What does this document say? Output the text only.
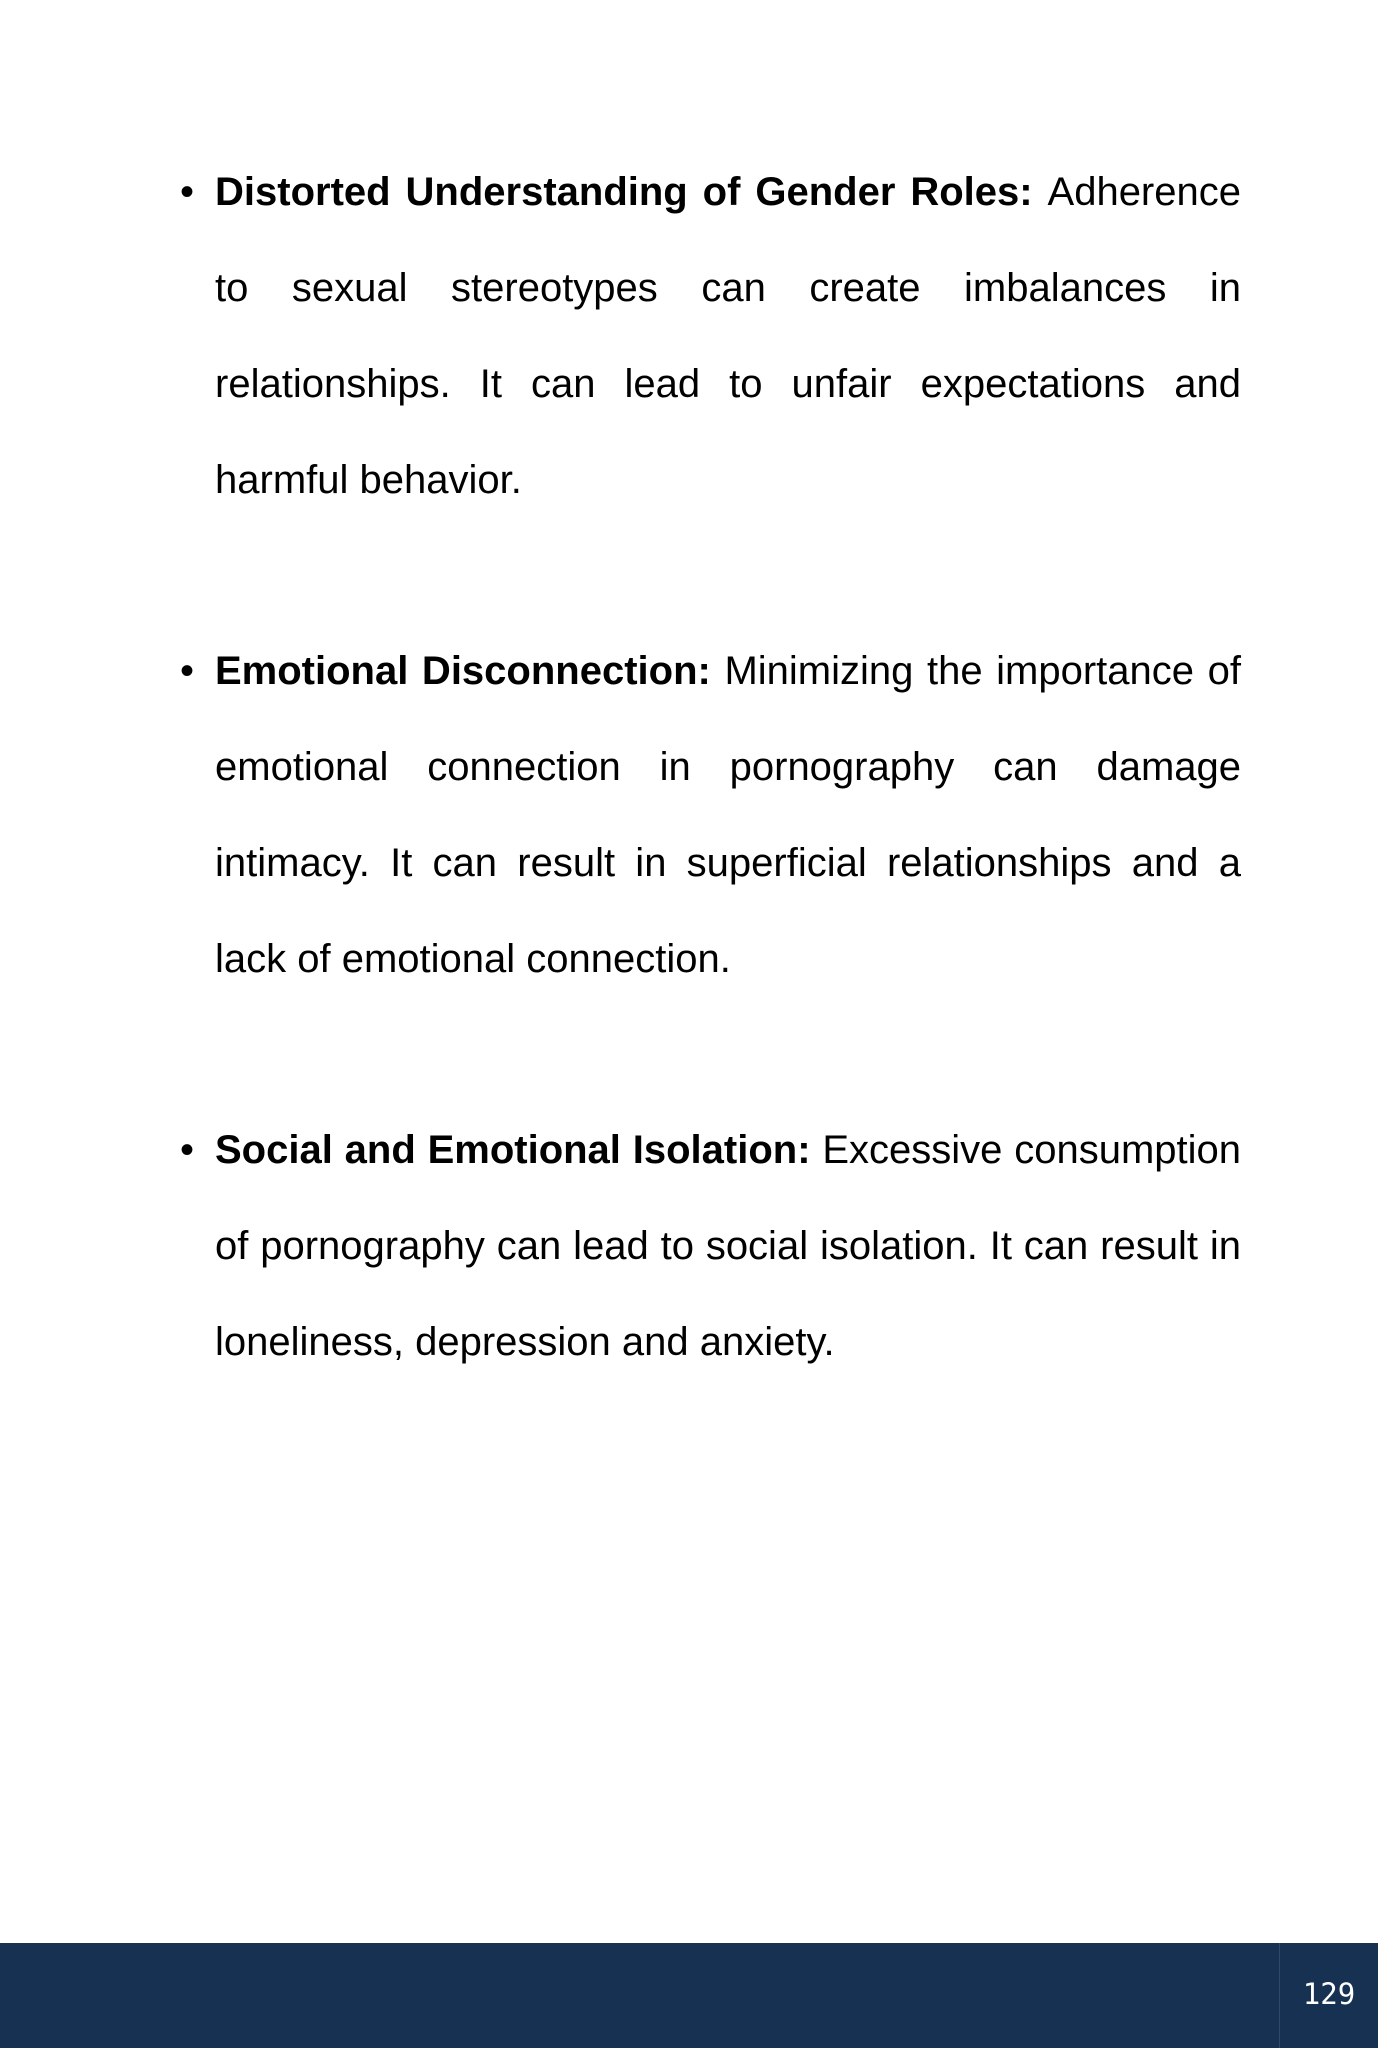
• Distorted Understanding of Gender Roles: Adherence to sexual stereotypes can create imbalances in relationships. It can lead to unfair expectations and harmful behavior.
• Emotional Disconnection: Minimizing the importance of emotional connection in pornography can damage intimacy. It can result in superficial relationships and a lack of emotional connection.
• Social and Emotional Isolation: Excessive consumption of pornography can lead to social isolation. It can result in loneliness, depression and anxiety.
129
